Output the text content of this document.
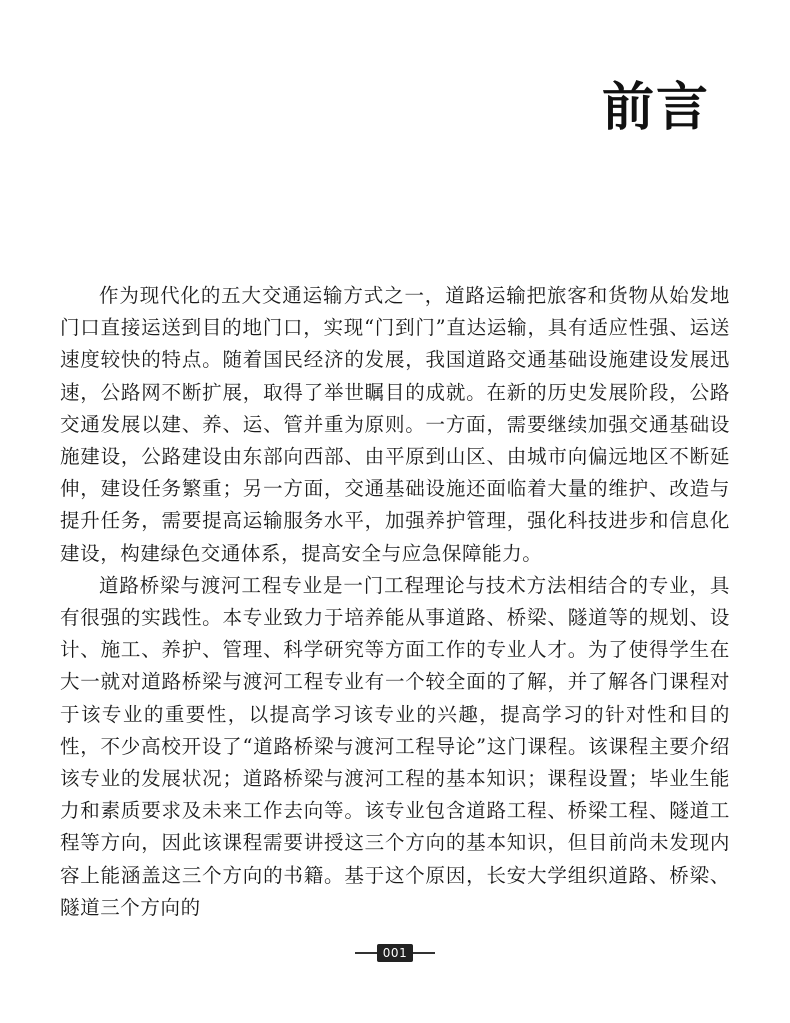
前言

作为现代化的五大交通运输方式之一，道路运输把旅客和货物从始发地门口直接运送到目的地门口，实现“门到门”直达运输，具有适应性强、运送速度较快的特点。随着国民经济的发展，我国道路交通基础设施建设发展迅速，公路网不断扩展，取得了举世瞩目的成就。在新的历史发展阶段，公路交通发展以建、养、运、管并重为原则。一方面，需要继续加强交通基础设施建设，公路建设由东部向西部、由平原到山区、由城市向偏远地区不断延伸，建设任务繁重；另一方面，交通基础设施还面临着大量的维护、改造与提升任务，需要提高运输服务水平，加强养护管理，强化科技进步和信息化建设，构建绿色交通体系，提高安全与应急保障能力。

道路桥梁与渡河工程专业是一门工程理论与技术方法相结合的专业，具有很强的实践性。本专业致力于培养能从事道路、桥梁、隧道等的规划、设计、施工、养护、管理、科学研究等方面工作的专业人才。为了使得学生在大一就对道路桥梁与渡河工程专业有一个较全面的了解，并了解各门课程对于该专业的重要性，以提高学习该专业的兴趣，提高学习的针对性和目的性，不少高校开设了“道路桥梁与渡河工程导论”这门课程。该课程主要介绍该专业的发展状况；道路桥梁与渡河工程的基本知识；课程设置；毕业生能力和素质要求及未来工作去向等。该专业包含道路工程、桥梁工程、隧道工程等方向，因此该课程需要讲授这三个方向的基本知识，但目前尚未发现内容上能涵盖这三个方向的书籍。基于这个原因，长安大学组织道路、桥梁、隧道三个方向的

001
